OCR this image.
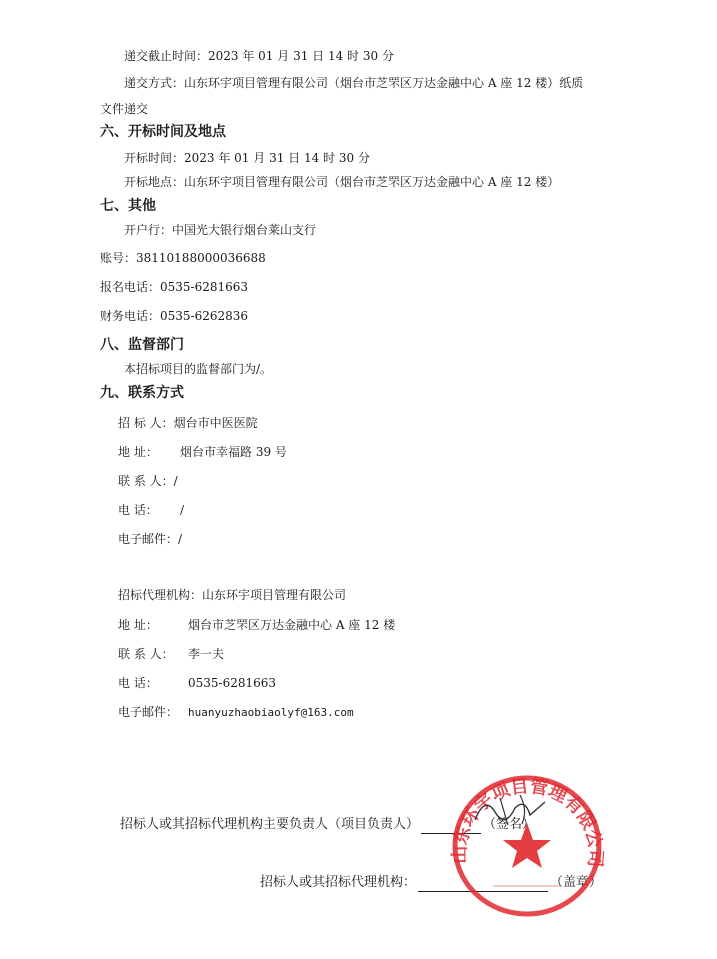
递交截止时间：2023 年 01 月 31 日 14 时 30 分
递交方式：山东环宇项目管理有限公司（烟台市芝罘区万达金融中心 A 座 12 楼）纸质
文件递交
六、开标时间及地点
开标时间：2023 年 01 月 31 日 14 时 30 分
开标地点：山东环宇项目管理有限公司（烟台市芝罘区万达金融中心 A 座 12 楼）
七、其他
开户行：中国光大银行烟台莱山支行
账号：38110188000036688
报名电话：0535-6281663
财务电话：0535-6262836
八、监督部门
本招标项目的监督部门为/。
九、联系方式
招 标 人：烟台市中医医院
地 址： 烟台市幸福路 39 号
联 系 人：/
电 话： /
电子邮件：/
招标代理机构：山东环宇项目管理有限公司
地 址：	烟台市芝罘区万达金融中心 A 座 12 楼
联 系 人： 李一夫
电 话：	0535-6281663
电子邮件： huanyuzhaobiaolyf@163.com
招标人或其招标代理机构主要负责人（项目负责人）	（签名）
招标人或其招标代理机构：	（盖章）
山东环宇项目管理有限公司
